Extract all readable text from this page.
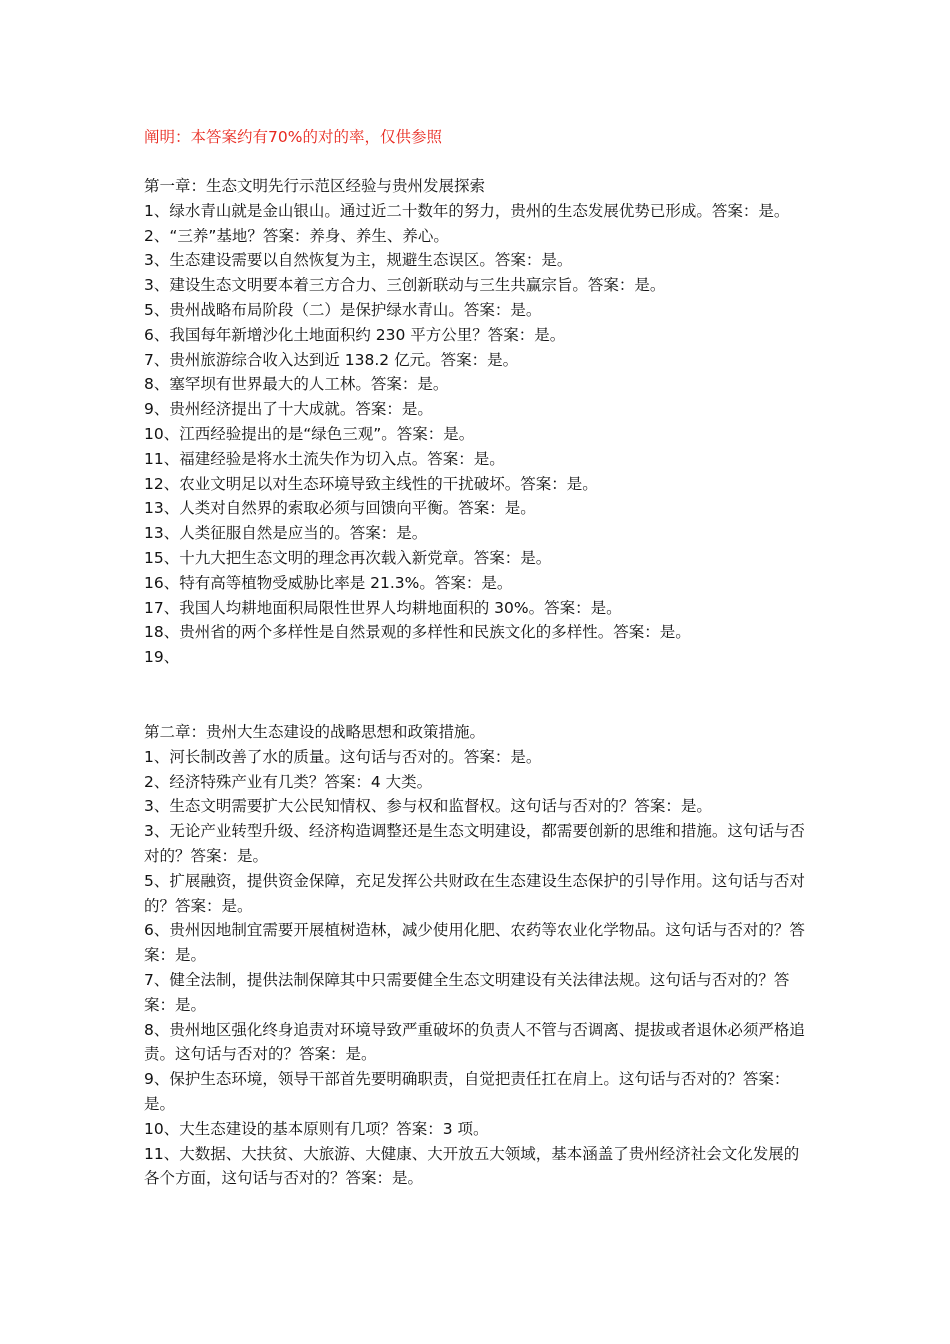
阐明：本答案约有70%的对的率，仅供参照
第一章：生态文明先行示范区经验与贵州发展探索
1、绿水青山就是金山银山。通过近二十数年的努力，贵州的生态发展优势已形成。答案：是。
2、“三养”基地？答案：养身、养生、养心。
3、生态建设需要以自然恢复为主，规避生态误区。答案：是。
3、建设生态文明要本着三方合力、三创新联动与三生共赢宗旨。答案：是。
5、贵州战略布局阶段（二）是保护绿水青山。答案：是。
6、我国每年新增沙化土地面积约 230 平方公里？答案：是。
7、贵州旅游综合收入达到近 138.2 亿元。答案：是。
8、塞罕坝有世界最大的人工林。答案：是。
9、贵州经济提出了十大成就。答案：是。
10、江西经验提出的是“绿色三观”。答案：是。
11、福建经验是将水土流失作为切入点。答案：是。
12、农业文明足以对生态环境导致主线性的干扰破坏。答案：是。
13、人类对自然界的索取必须与回馈向平衡。答案：是。
13、人类征服自然是应当的。答案：是。
15、十九大把生态文明的理念再次载入新党章。答案：是。
16、特有高等植物受威胁比率是 21.3%。答案：是。
17、我国人均耕地面积局限性世界人均耕地面积的 30%。答案：是。
18、贵州省的两个多样性是自然景观的多样性和民族文化的多样性。答案：是。
19、
第二章：贵州大生态建设的战略思想和政策措施。
1、河长制改善了水的质量。这句话与否对的。答案：是。
2、经济特殊产业有几类？答案：4 大类。
3、生态文明需要扩大公民知情权、参与权和监督权。这句话与否对的？答案：是。
3、无论产业转型升级、经济构造调整还是生态文明建设，都需要创新的思维和措施。这句话与否对的？答案：是。
5、扩展融资，提供资金保障，充足发挥公共财政在生态建设生态保护的引导作用。这句话与否对的？答案：是。
6、贵州因地制宜需要开展植树造林，减少使用化肥、农药等农业化学物品。这句话与否对的？答案：是。
7、健全法制，提供法制保障其中只需要健全生态文明建设有关法律法规。这句话与否对的？答案：是。
8、贵州地区强化终身追责对环境导致严重破坏的负责人不管与否调离、提拔或者退休必须严格追责。这句话与否对的？答案：是。
9、保护生态环境，领导干部首先要明确职责，自觉把责任扛在肩上。这句话与否对的？答案：是。
10、大生态建设的基本原则有几项？答案：3 项。
11、大数据、大扶贫、大旅游、大健康、大开放五大领域，基本涵盖了贵州经济社会文化发展的各个方面，这句话与否对的？答案：是。
